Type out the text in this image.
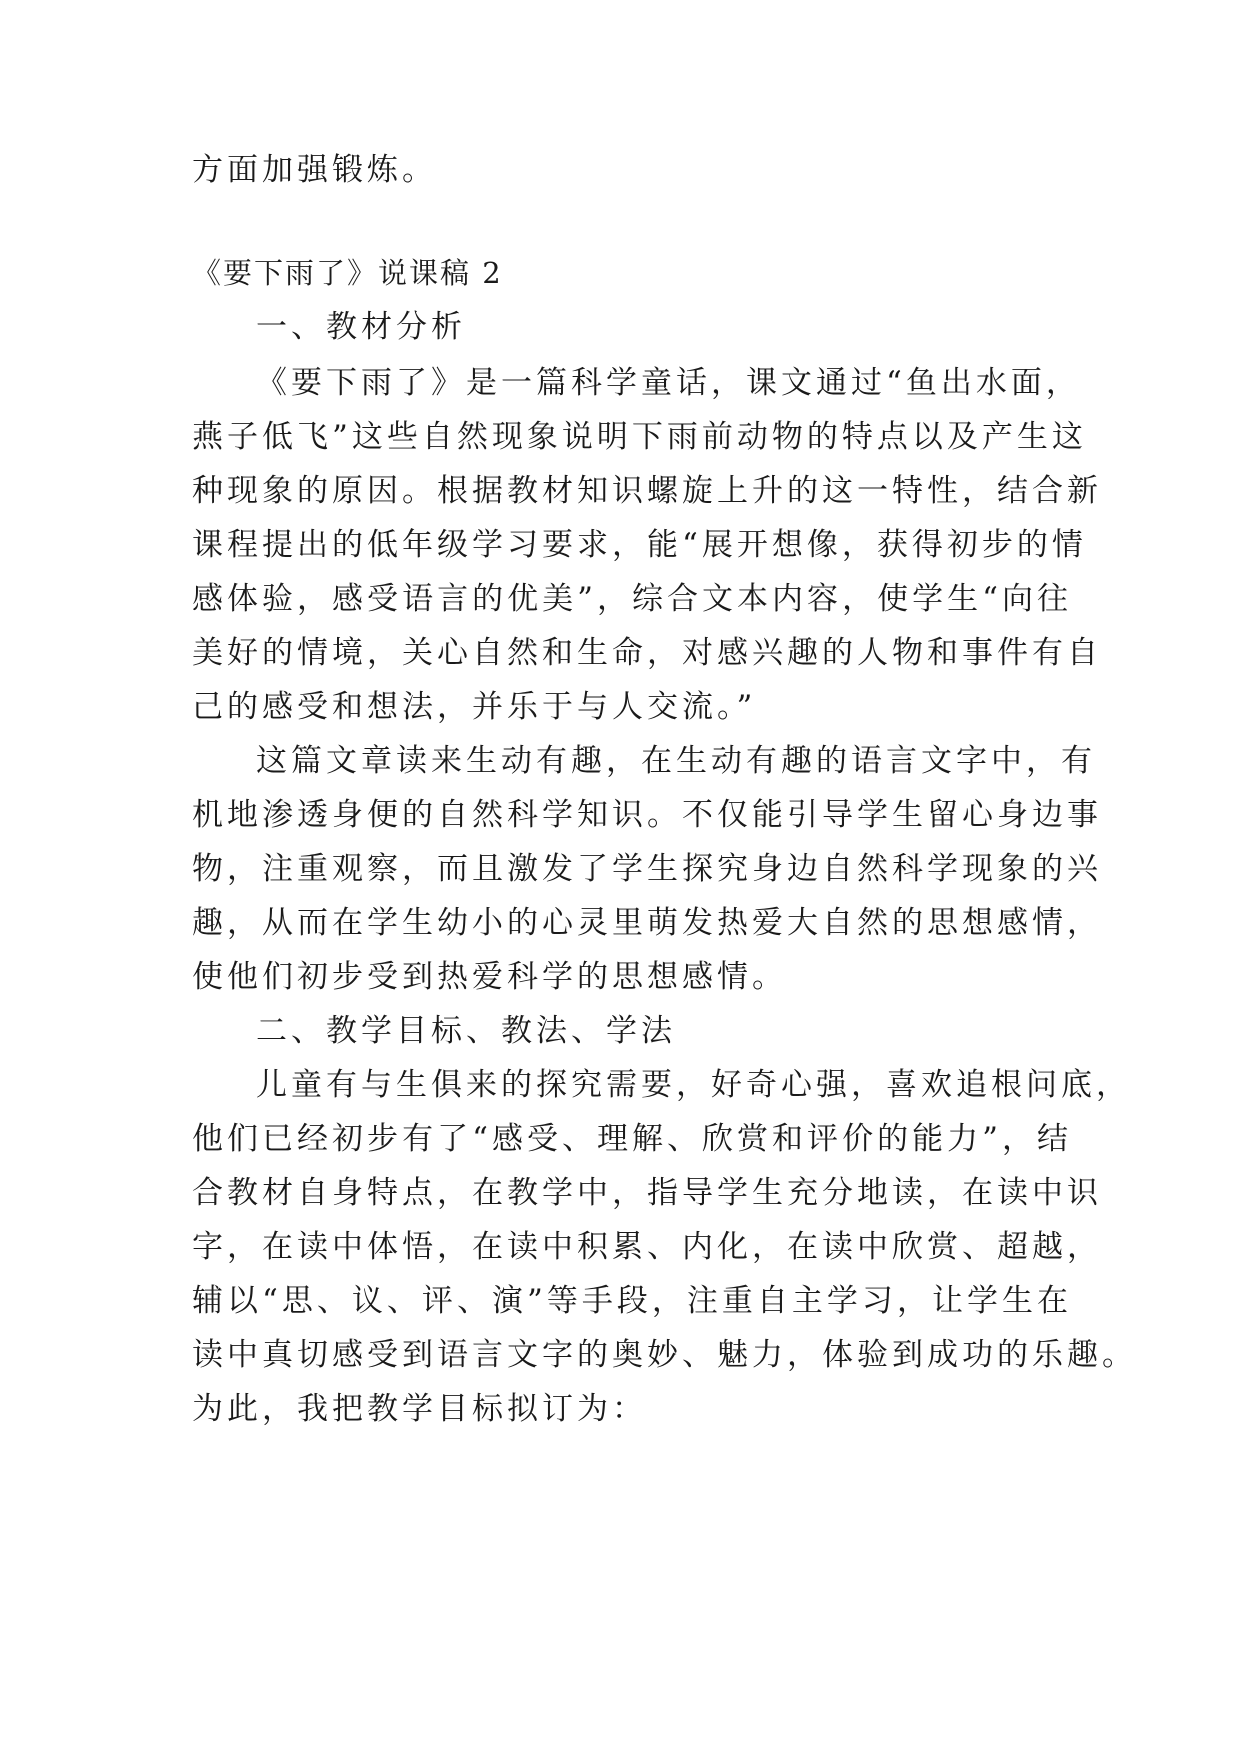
方面加强锻炼。
《要下雨了》说课稿 2
一、教材分析
《要下雨了》是一篇科学童话，课文通过“鱼出水面，
燕子低飞”这些自然现象说明下雨前动物的特点以及产生这
种现象的原因。根据教材知识螺旋上升的这一特性，结合新
课程提出的低年级学习要求，能“展开想像，获得初步的情
感体验，感受语言的优美”，综合文本内容，使学生“向往
美好的情境，关心自然和生命，对感兴趣的人物和事件有自
己的感受和想法，并乐于与人交流。”
这篇文章读来生动有趣，在生动有趣的语言文字中，有
机地渗透身便的自然科学知识。不仅能引导学生留心身边事
物，注重观察，而且激发了学生探究身边自然科学现象的兴
趣，从而在学生幼小的心灵里萌发热爱大自然的思想感情，
使他们初步受到热爱科学的思想感情。
二、教学目标、教法、学法
儿童有与生俱来的探究需要，好奇心强，喜欢追根问底，
他们已经初步有了“感受、理解、欣赏和评价的能力”，结
合教材自身特点，在教学中，指导学生充分地读，在读中识
字，在读中体悟，在读中积累、内化，在读中欣赏、超越，
辅以“思、议、评、演”等手段，注重自主学习，让学生在
读中真切感受到语言文字的奥妙、魅力，体验到成功的乐趣。
为此，我把教学目标拟订为：
